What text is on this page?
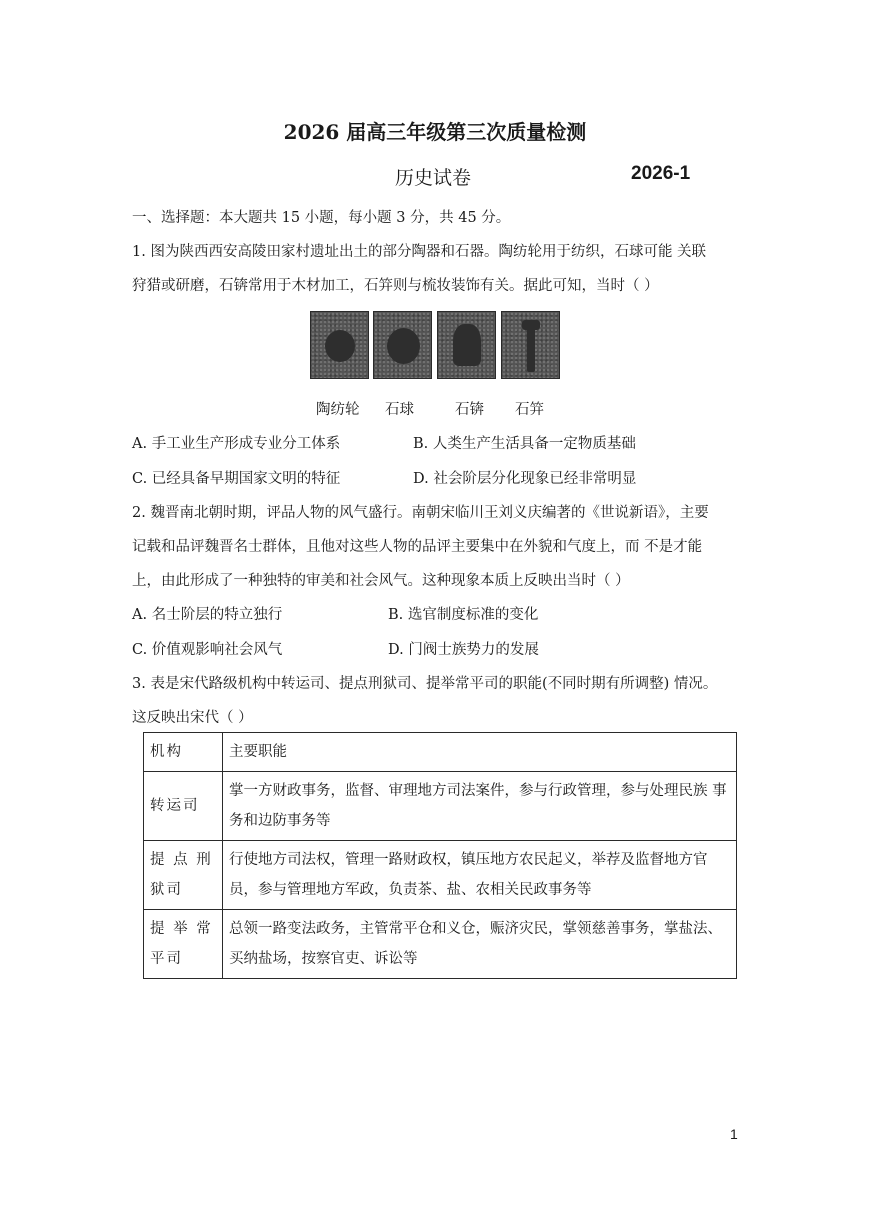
2026 届高三年级第三次质量检测
历史试卷	2026-1
一、选择题：本大题共 15 小题，每小题 3 分，共 45 分。
1. 图为陕西西安高陵田家村遗址出土的部分陶器和石器。陶纺轮用于纺织，石球可能 关联
狩猎或研磨，石锛常用于木材加工，石笄则与梳妆装饰有关。据此可知，当时（ ）
陶纺轮 石球	石锛 石笄
A. 手工业生产形成专业分工体系	B. 人类生产生活具备一定物质基础
C. 已经具备早期国家文明的特征	D. 社会阶层分化现象已经非常明显
2. 魏晋南北朝时期，评品人物的风气盛行。南朝宋临川王刘义庆编著的《世说新语》，主要
记载和品评魏晋名士群体，且他对这些人物的品评主要集中在外貌和气度上，而 不是才能
上，由此形成了一种独特的审美和社会风气。这种现象本质上反映出当时（ ）
A. 名士阶层的特立独行	B. 选官制度标准的变化
C. 价值观影响社会风气	D. 门阀士族势力的发展
3. 表是宋代路级机构中转运司、提点刑狱司、提举常平司的职能(不同时期有所调整) 情况。
这反映出宋代（ ）
机构	主要职能
转运司	掌一方财政事务，监督、审理地方司法案件，参与行政管理，参与处理民族 事务和边防事务等
提 点 刑 狱司	行使地方司法权，管理一路财政权，镇压地方农民起义，举荐及监督地方官 员，参与管理地方军政，负责茶、盐、农相关民政事务等
提 举 常 平司	总领一路变法政务，主管常平仓和义仓，赈济灾民，掌领慈善事务，掌盐法、 买纳盐场，按察官吏、诉讼等
1
